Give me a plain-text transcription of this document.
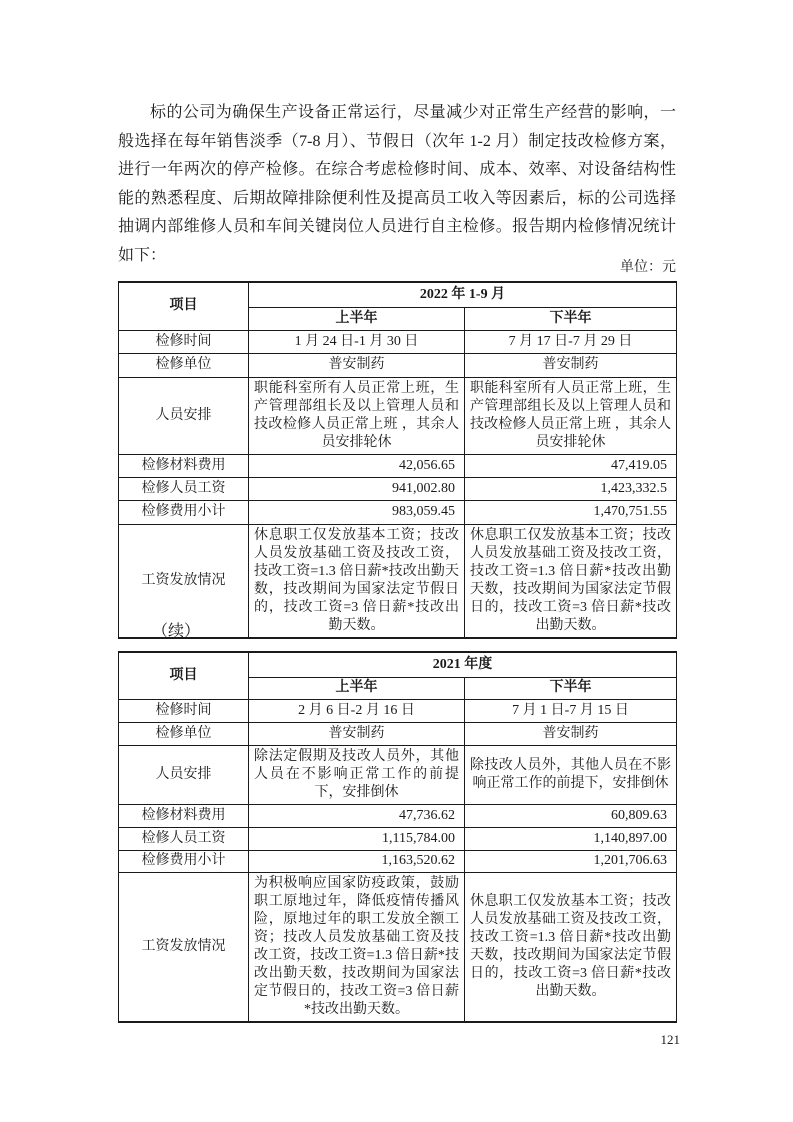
标的公司为确保生产设备正常运行，尽量减少对正常生产经营的影响，一般选择在每年销售淡季（7-8 月）、节假日（次年 1-2 月）制定技改检修方案，进行一年两次的停产检修。在综合考虑检修时间、成本、效率、对设备结构性能的熟悉程度、后期故障排除便利性及提高员工收入等因素后，标的公司选择抽调内部维修人员和车间关键岗位人员进行自主检修。报告期内检修情况统计如下：

单位：元
项目	2022 年 1-9 月	
	上半年	下半年
检修时间	1 月 24 日-1 月 30 日	7 月 17 日-7 月 29 日
检修单位	普安制药	普安制药
人员安排	职能科室所有人员正常上班，生产管理部组长及以上管理人员和技改检修人员正常上班 ，其余人员安排轮休	职能科室所有人员正常上班，生产管理部组长及以上管理人员和技改检修人员正常上班 ，其余人员安排轮休
检修材料费用	42,056.65	47,419.05
检修人员工资	941,002.80	1,423,332.5
检修费用小计	983,059.45	1,470,751.55
工资发放情况	休息职工仅发放基本工资；技改人员发放基础工资及技改工资，技改工资=1.3 倍日薪*技改出勤天数，技改期间为国家法定节假日的，技改工资=3 倍日薪*技改出勤天数。	休息职工仅发放基本工资；技改人员发放基础工资及技改工资，技改工资=1.3 倍日薪*技改出勤天数，技改期间为国家法定节假日的，技改工资=3 倍日薪*技改出勤天数。
（续）
项目	2021 年度	
	上半年	下半年
检修时间	2 月 6 日-2 月 16 日	7 月 1 日-7 月 15 日
检修单位	普安制药	普安制药
人员安排	除法定假期及技改人员外，其他人员在不影响正常工作的前提下，安排倒休	除技改人员外，其他人员在不影响正常工作的前提下，安排倒休
检修材料费用	47,736.62	60,809.63
检修人员工资	1,115,784.00	1,140,897.00
检修费用小计	1,163,520.62	1,201,706.63
工资发放情况	为积极响应国家防疫政策，鼓励职工原地过年，降低疫情传播风险，原地过年的职工发放全额工资；技改人员发放基础工资及技改工资，技改工资=1.3 倍日薪*技改出勤天数，技改期间为国家法定节假日的，技改工资=3 倍日薪*技改出勤天数。	休息职工仅发放基本工资；技改人员发放基础工资及技改工资，技改工资=1.3 倍日薪*技改出勤天数，技改期间为国家法定节假日的，技改工资=3 倍日薪*技改出勤天数。
121
